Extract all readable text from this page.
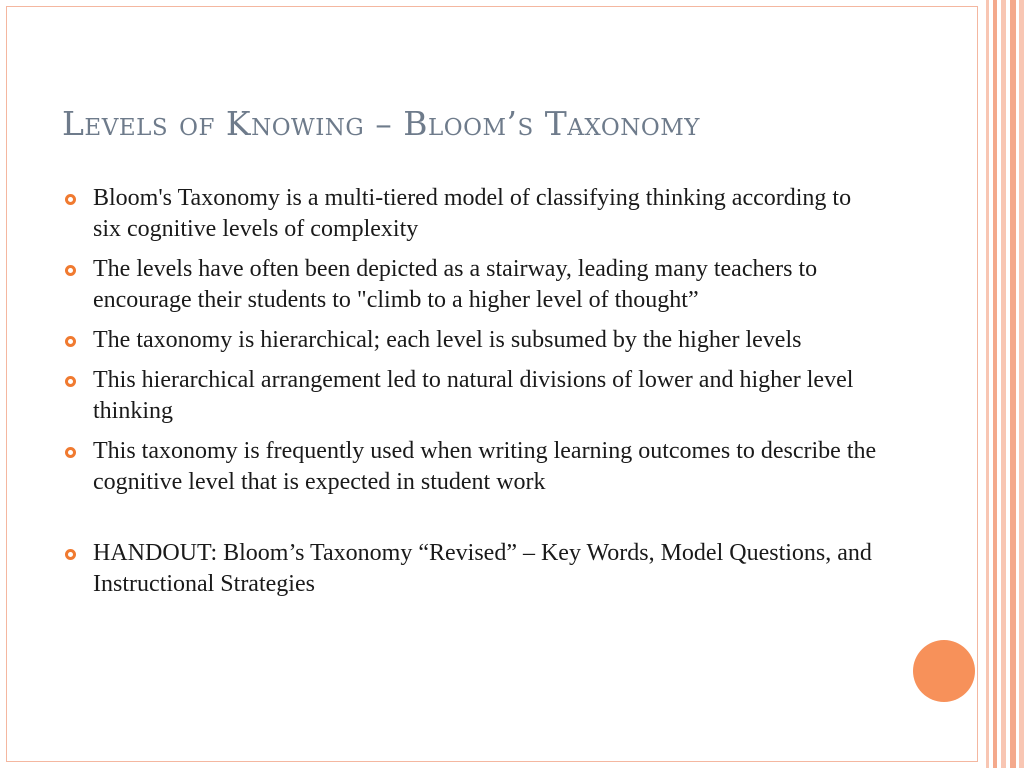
Levels of Knowing – Bloom’s Taxonomy
Bloom's Taxonomy is a multi-tiered model of classifying thinking according to six cognitive levels of complexity
The levels have often been depicted as a stairway, leading many teachers to encourage their students to "climb to a higher level of thought”
The taxonomy is hierarchical; each level is subsumed by the higher levels
This hierarchical arrangement led to natural divisions of lower and higher level thinking
This taxonomy is frequently used when writing learning outcomes to describe the cognitive level that is expected in student work
HANDOUT: Bloom’s Taxonomy “Revised” – Key Words, Model Questions, and Instructional Strategies
